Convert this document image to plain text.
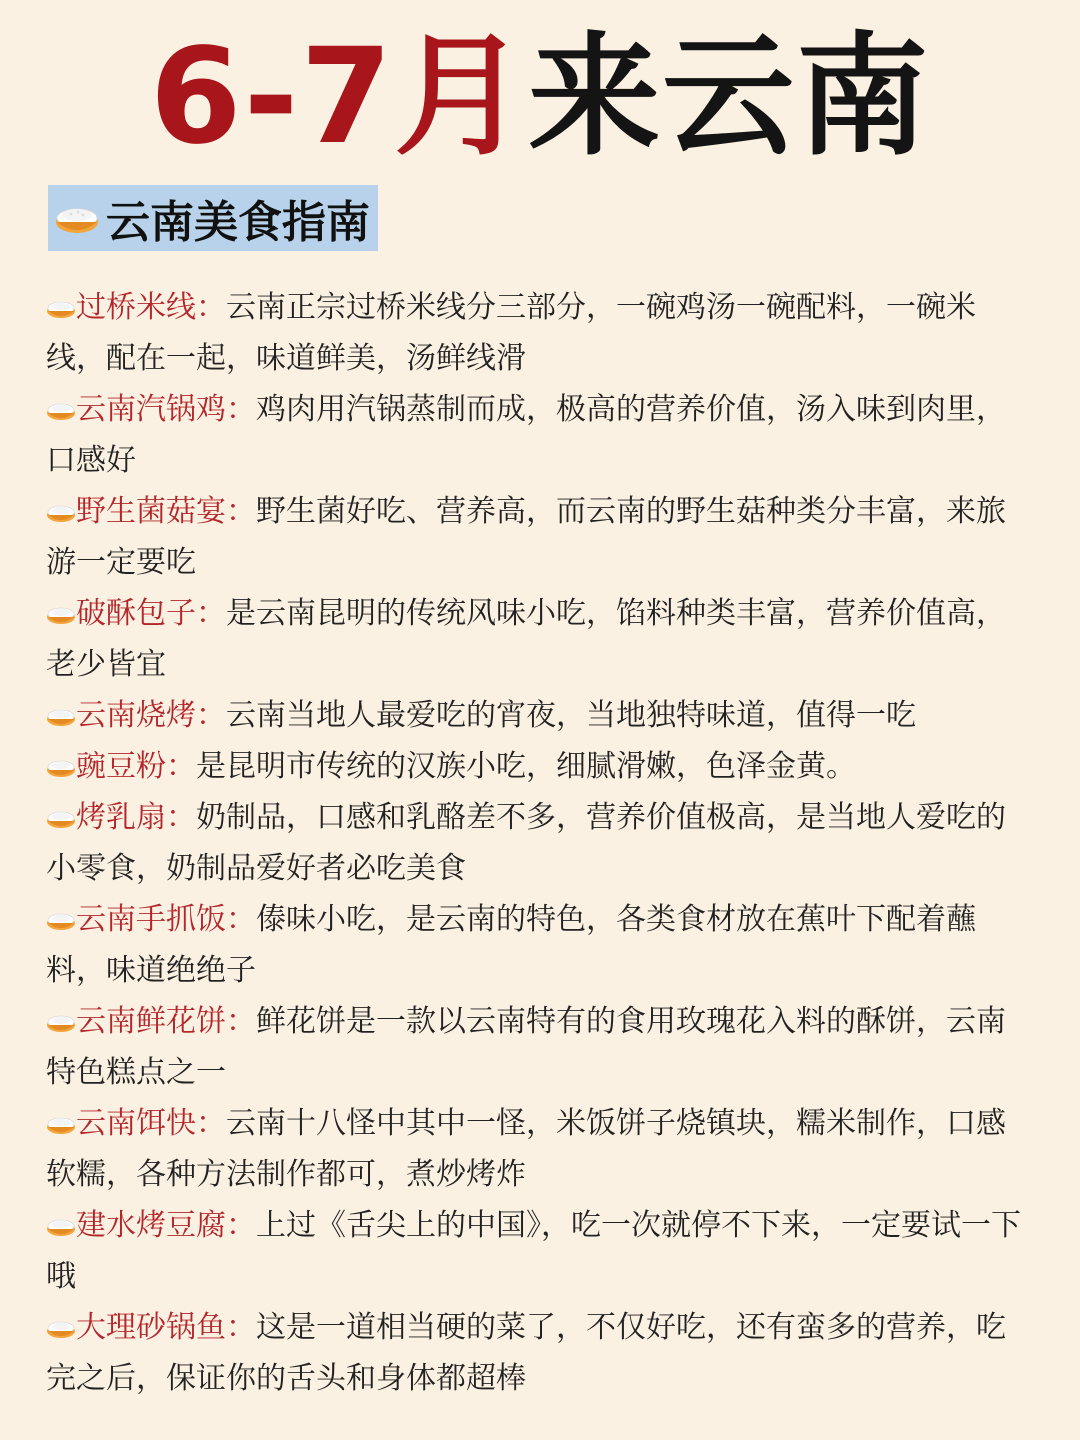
6-7月来云南
云南美食指南

过桥米线：云南正宗过桥米线分三部分，一碗鸡汤一碗配料，一碗米线，配在一起，味道鲜美，汤鲜线滑

云南汽锅鸡：鸡肉用汽锅蒸制而成，极高的营养价值，汤入味到肉里，口感好

野生菌菇宴：野生菌好吃、营养高，而云南的野生菇种类分丰富，来旅游一定要吃

破酥包子：是云南昆明的传统风味小吃，馅料种类丰富，营养价值高，老少皆宜

云南烧烤：云南当地人最爱吃的宵夜，当地独特味道，值得一吃

豌豆粉：是昆明市传统的汉族小吃，细腻滑嫩，色泽金黄。

烤乳扇：奶制品，口感和乳酪差不多，营养价值极高，是当地人爱吃的小零食，奶制品爱好者必吃美食

云南手抓饭：傣味小吃，是云南的特色，各类食材放在蕉叶下配着蘸料，味道绝绝子

云南鲜花饼：鲜花饼是一款以云南特有的食用玫瑰花入料的酥饼，云南特色糕点之一

云南饵快：云南十八怪中其中一怪，米饭饼子烧镇块，糯米制作，口感软糯，各种方法制作都可，煮炒烤炸

建水烤豆腐：上过《舌尖上的中国》，吃一次就停不下来，一定要试一下哦

大理砂锅鱼：这是一道相当硬的菜了，不仅好吃，还有蛮多的营养，吃完之后，保证你的舌头和身体都超棒
